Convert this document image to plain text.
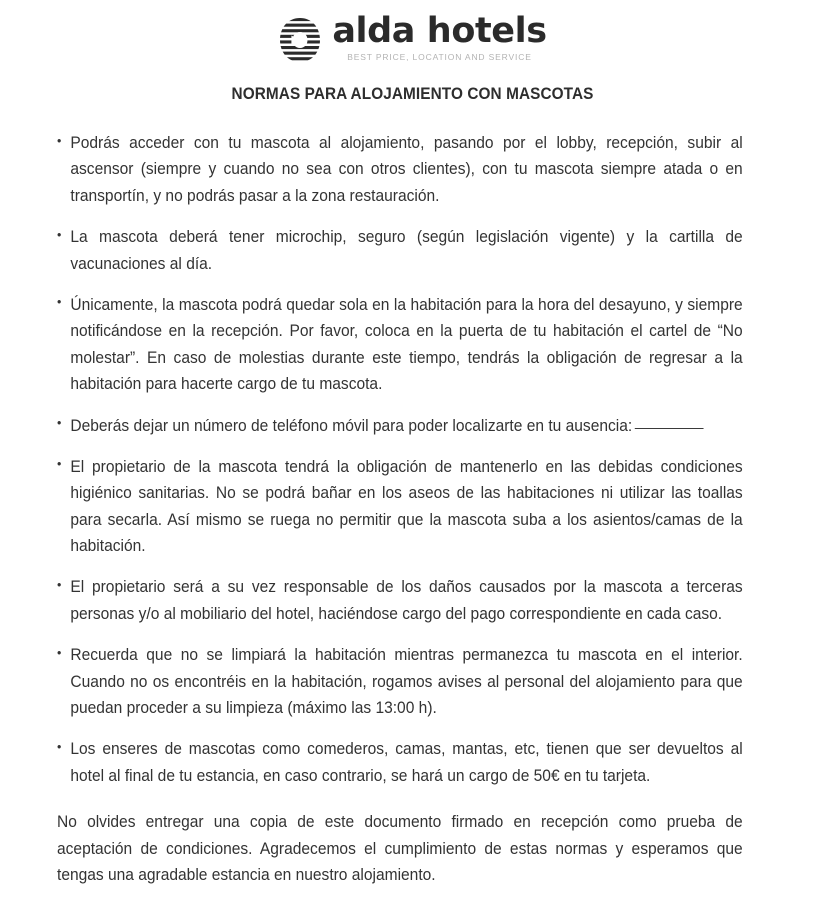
alda hotels
BEST PRICE, LOCATION AND SERVICE
NORMAS PARA ALOJAMIENTO CON MASCOTAS
• Podrás acceder con tu mascota al alojamiento, pasando por el lobby, recepción, subir al ascensor (siempre y cuando no sea con otros clientes), con tu mascota siempre atada o en transportín, y no podrás pasar a la zona restauración.
• La mascota deberá tener microchip, seguro (según legislación vigente) y la cartilla de vacunaciones al día.
• Únicamente, la mascota podrá quedar sola en la habitación para la hora del desayuno, y siempre notificándose en la recepción. Por favor, coloca en la puerta de tu habitación el cartel de “No molestar”. En caso de molestias durante este tiempo, tendrás la obligación de regresar a la habitación para hacerte cargo de tu mascota.
• Deberás dejar un número de teléfono móvil para poder localizarte en tu ausencia:
• El propietario de la mascota tendrá la obligación de mantenerlo en las debidas condiciones higiénico sanitarias. No se podrá bañar en los aseos de las habitaciones ni utilizar las toallas para secarla. Así mismo se ruega no permitir que la mascota suba a los asientos/camas de la habitación.
• El propietario será a su vez responsable de los daños causados por la mascota a terceras personas y/o al mobiliario del hotel, haciéndose cargo del pago correspondiente en cada caso.
• Recuerda que no se limpiará la habitación mientras permanezca tu mascota en el interior. Cuando no os encontréis en la habitación, rogamos avises al personal del alojamiento para que puedan proceder a su limpieza (máximo las 13:00 h).
• Los enseres de mascotas como comederos, camas, mantas, etc, tienen que ser devueltos al hotel al final de tu estancia, en caso contrario, se hará un cargo de 50€ en tu tarjeta.

No olvides entregar una copia de este documento firmado en recepción como prueba de aceptación de condiciones. Agradecemos el cumplimiento de estas normas y esperamos que tengas una agradable estancia en nuestro alojamiento.
